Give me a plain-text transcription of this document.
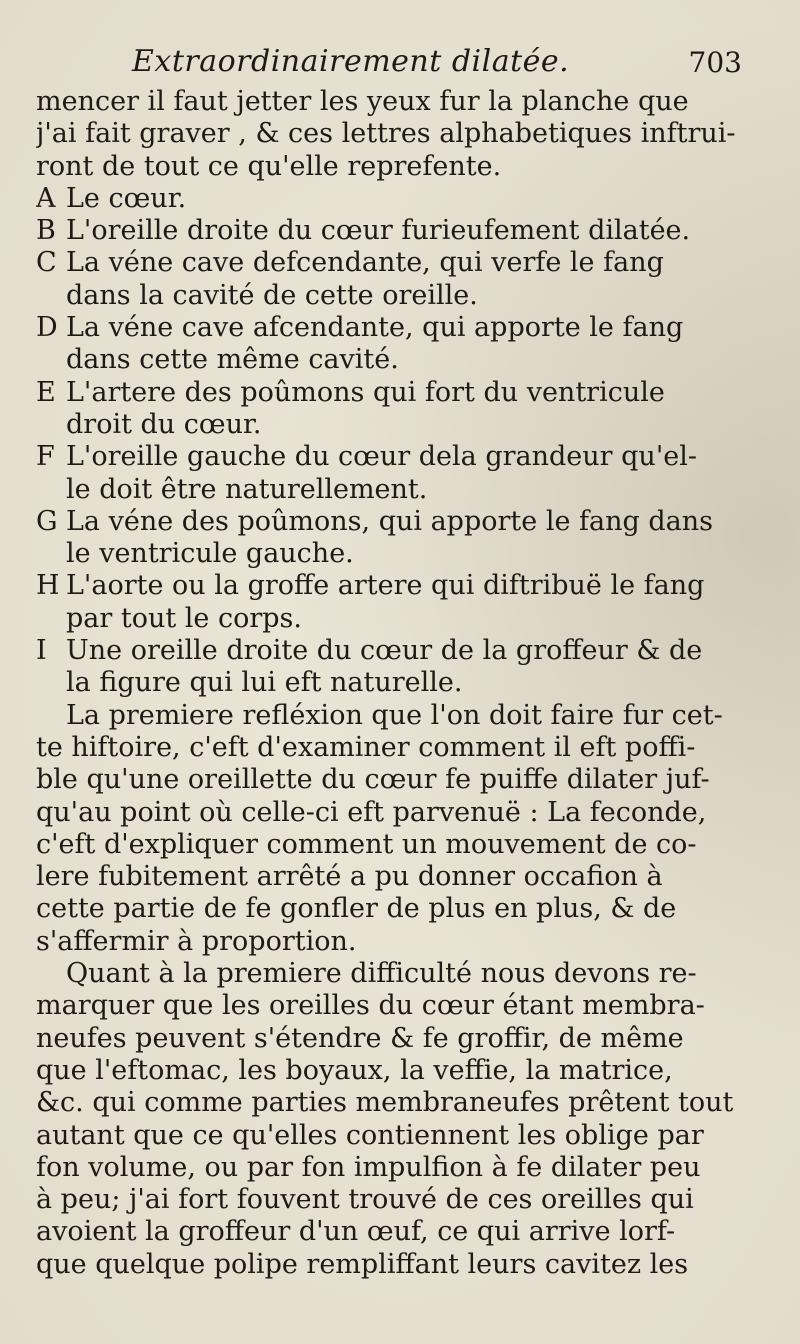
Extraordinairement dilatée.	703
mencer il faut jetter les yeux fur la planche que
j'ai fait graver , & ces lettres alphabetiques inftrui-
ront de tout ce qu'elle reprefente.
A Le cœur.
B L'oreille droite du cœur furieufement dilatée.
C La véne cave defcendante, qui verfe le fang
dans la cavité de cette oreille.
D La véne cave afcendante, qui apporte le fang
dans cette même cavité.
E L'artere des poûmons qui fort du ventricule
droit du cœur.
F L'oreille gauche du cœur dela grandeur qu'el-
le doit être naturellement.
G La véne des poûmons, qui apporte le fang dans
le ventricule gauche.
H L'aorte ou la groffe artere qui diftribuë le fang
par tout le corps.
I Une oreille droite du cœur de la groffeur & de
la figure qui lui eft naturelle.
La premiere refléxion que l'on doit faire fur cet-
te hiftoire, c'eft d'examiner comment il eft poffi-
ble qu'une oreillette du cœur fe puiffe dilater juf-
qu'au point où celle-ci eft parvenuë : La feconde,
c'eft d'expliquer comment un mouvement de co-
lere fubitement arrêté a pu donner occafion à
cette partie de fe gonfler de plus en plus, & de
s'affermir à proportion.
Quant à la premiere difficulté nous devons re-
marquer que les oreilles du cœur étant membra-
neufes peuvent s'étendre & fe groffir, de même
que l'eftomac, les boyaux, la veffie, la matrice,
&c. qui comme parties membraneufes prêtent tout
autant que ce qu'elles contiennent les oblige par
fon volume, ou par fon impulfion à fe dilater peu
à peu; j'ai fort fouvent trouvé de ces oreilles qui
avoient la groffeur d'un œuf, ce qui arrive lorf-
que quelque polipe rempliffant leurs cavitez les
